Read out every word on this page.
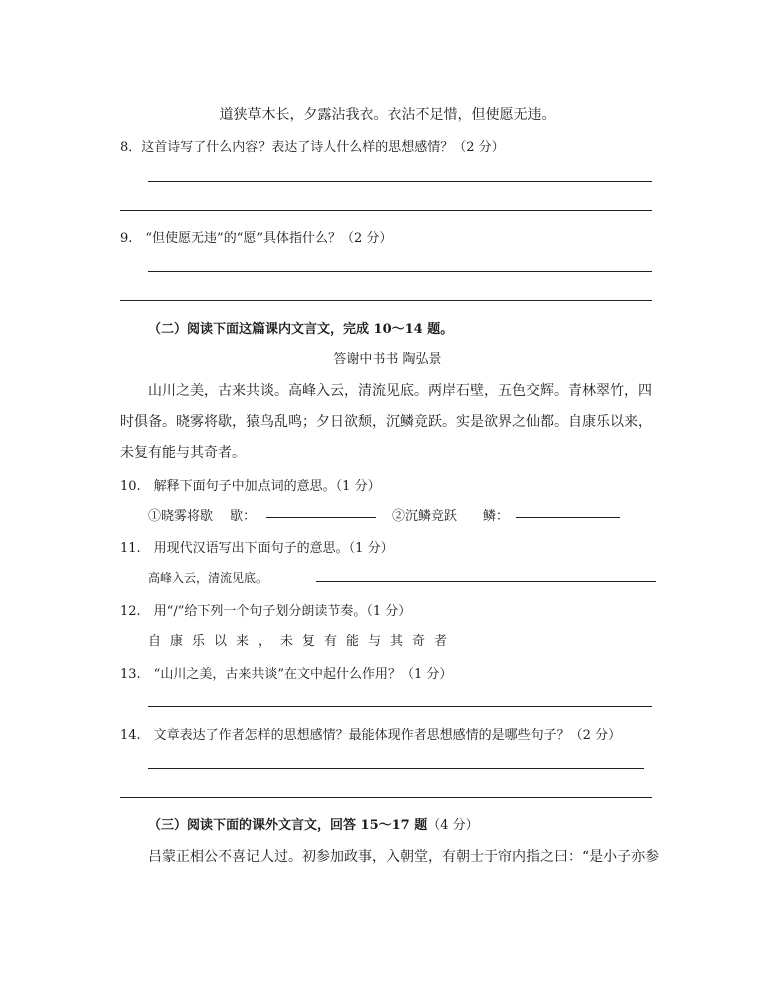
道狭草木长，夕露沾我衣。衣沾不足惜，但使愿无违。
8．这首诗写了什么内容？表达了诗人什么样的思想感情？（2 分）
9.　“但使愿无违”的“愿”具体指什么？（2 分）
（二）阅读下面这篇课内文言文，完成 10～14 题。
答谢中书书 陶弘景
山川之美，古来共谈。高峰入云，清流见底。两岸石壁，五色交辉。青林翠竹，四
时俱备。晓雾将歇，猿鸟乱鸣；夕日欲颓，沉鳞竞跃。实是欲界之仙都。自康乐以来，
未复有能与其奇者。
10.　解释下面句子中加点词的意思。（1 分）
①晓雾将歇　 歇：	②沉鳞竞跃　　鳞：
11.　用现代汉语写出下面句子的意思。（1 分）
高峰入云，清流见底。
12.　用“/”给下列一个句子划分朗读节奏。（1 分）
自康乐以来，未复有能与其奇者
13.　“山川之美，古来共谈”在文中起什么作用？（1 分）
14.　文章表达了作者怎样的思想感情？最能体现作者思想感情的是哪些句子？（2 分）
（三）阅读下面的课外文言文，回答 15～17 题（4 分）
吕蒙正相公不喜记人过。初参加政事，入朝堂，有朝士于帘内指之曰：“是小子亦参
